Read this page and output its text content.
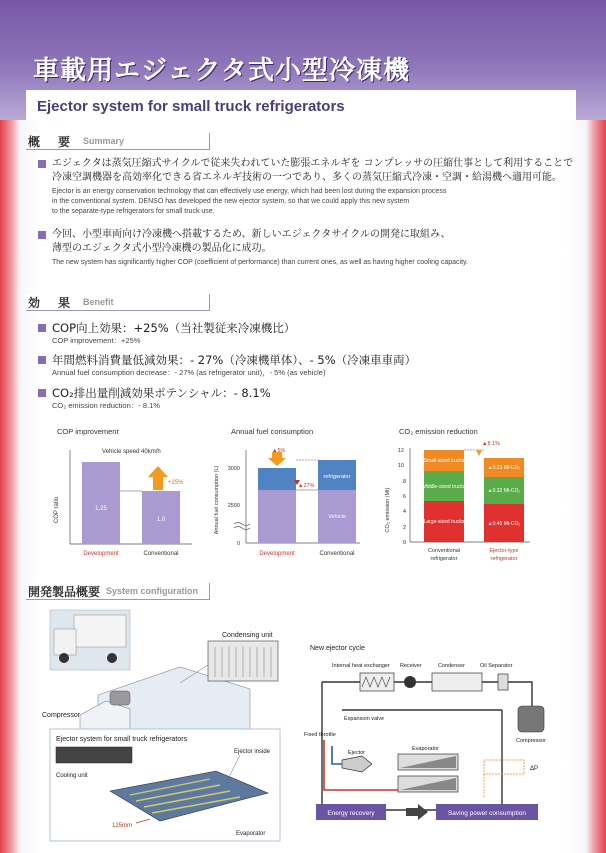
車載用エジェクタ式小型冷凍機
Ejector system for small truck refrigerators
概　要 Summary
エジェクタは蒸気圧縮式サイクルで従来失われていた膨張エネルギを コンプレッサの圧縮仕事として利用することで
冷凍空調機器を高効率化できる省エネルギ技術の一つであり、多くの蒸気圧縮式冷凍・空調・給湯機へ適用可能。
Ejector is an energy conservation technology that can effectively use energy, which had been lost during the expansion process
in the conventional system. DENSO has developed the new ejector system, so that we could apply this new system
to the separate-type refrigerators for small truck use.
今回、小型車両向け冷凍機へ搭載するため、新しいエジェクタサイクルの開発に取組み、
薄型のエジェクタ式小型冷凍機の製品化に成功。
The new system has significantly higher COP (coefficient of performance) than current ones, as well as having higher cooling capacity.
効　果 Benefit
COP向上効果：+25%（当社製従来冷凍機比）
COP improvement：+25%
年間燃料消費量低減効果：- 27%（冷凍機単体）、- 5%（冷凍車車両）
Annual fuel consumption decrease：- 27% (as refrigerator unit)，- 5% (as vehicle)
CO₂排出量削減効果ポテンシャル：- 8.1%
CO₂ emission reduction：- 8.1%
COP improvement
COP ratio
Vehicle speed 40km/h
1.25
1.0
+25%
Development	Conventional
Annual fuel consumption
Annual fuel consumption (L) 3000
2500
0
▲5%
▲27%
refrigerator
Vehicle
Development	Conventional
CO₂ emission reduction
CO₂ emission (Mt)
0
2
4
6
8
10
12
▲8.1%
Small-sized trucks
Middle-sized trucks
Large-sized trucks
▲0.23 Mt-CO₂
▲0.32 Mt-CO₂
▲0.45 Mt-CO₂
Conventional
refrigerator
Ejector-type
refrigerator
開発製品概要 System configuration
Condensing unit
Compressor
Ejector system for small truck refrigerators
Cooling unit
Ejector inside
Evaporator
125mm
New ejector cycle
Internal heat exchanger Receiver	Condenser	Oil Separator
Compressor
Expansion valve
Fixed throttle
Ejector
Evaporator
ΔP
Energy recovery	Saving power consumption
